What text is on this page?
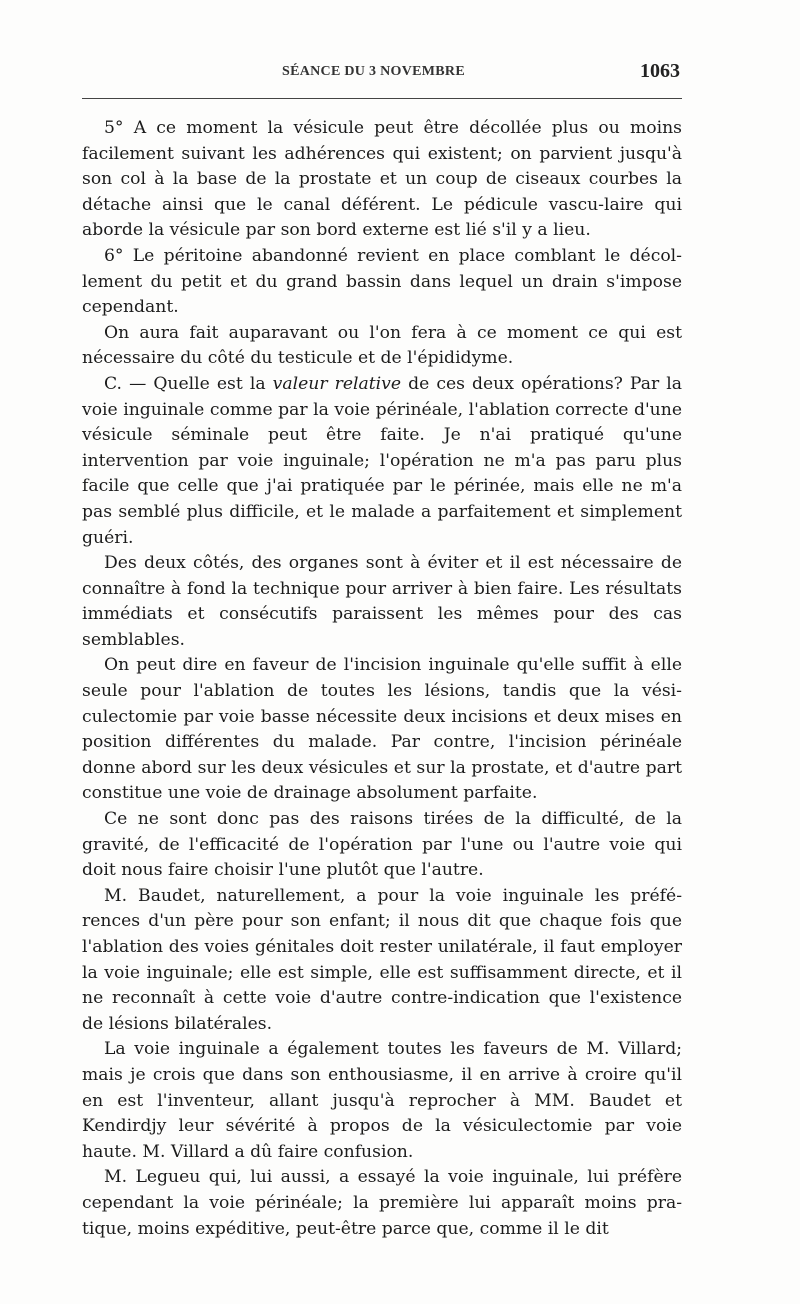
SÉANCE DU 3 NOVEMBRE	1063

5° A ce moment la vésicule peut être décollée plus ou moins facilement suivant les adhérences qui existent; on parvient jusqu'à son col à la base de la prostate et un coup de ciseaux courbes la détache ainsi que le canal déférent. Le pédicule vascu-laire qui aborde la vésicule par son bord externe est lié s'il y a lieu.

6° Le péritoine abandonné revient en place comblant le décol-lement du petit et du grand bassin dans lequel un drain s'impose cependant.

On aura fait auparavant ou l'on fera à ce moment ce qui est nécessaire du côté du testicule et de l'épididyme.

C. — Quelle est la valeur relative de ces deux opérations? Par la voie inguinale comme par la voie périnéale, l'ablation correcte d'une vésicule séminale peut être faite. Je n'ai pratiqué qu'une intervention par voie inguinale; l'opération ne m'a pas paru plus facile que celle que j'ai pratiquée par le périnée, mais elle ne m'a pas semblé plus difficile, et le malade a parfaitement et simplement guéri.

Des deux côtés, des organes sont à éviter et il est nécessaire de connaître à fond la technique pour arriver à bien faire. Les résultats immédiats et consécutifs paraissent les mêmes pour des cas semblables.

On peut dire en faveur de l'incision inguinale qu'elle suffit à elle seule pour l'ablation de toutes les lésions, tandis que la vési-culectomie par voie basse nécessite deux incisions et deux mises en position différentes du malade. Par contre, l'incision périnéale donne abord sur les deux vésicules et sur la prostate, et d'autre part constitue une voie de drainage absolument parfaite.

Ce ne sont donc pas des raisons tirées de la difficulté, de la gravité, de l'efficacité de l'opération par l'une ou l'autre voie qui doit nous faire choisir l'une plutôt que l'autre.

M. Baudet, naturellement, a pour la voie inguinale les préfé-rences d'un père pour son enfant; il nous dit que chaque fois que l'ablation des voies génitales doit rester unilatérale, il faut employer la voie inguinale; elle est simple, elle est suffisamment directe, et il ne reconnaît à cette voie d'autre contre-indication que l'existence de lésions bilatérales.

La voie inguinale a également toutes les faveurs de M. Villard; mais je crois que dans son enthousiasme, il en arrive à croire qu'il en est l'inventeur, allant jusqu'à reprocher à MM. Baudet et Kendirdjy leur sévérité à propos de la vésiculectomie par voie haute. M. Villard a dû faire confusion.

M. Legueu qui, lui aussi, a essayé la voie inguinale, lui préfère cependant la voie périnéale; la première lui apparaît moins pra-tique, moins expéditive, peut-être parce que, comme il le dit
